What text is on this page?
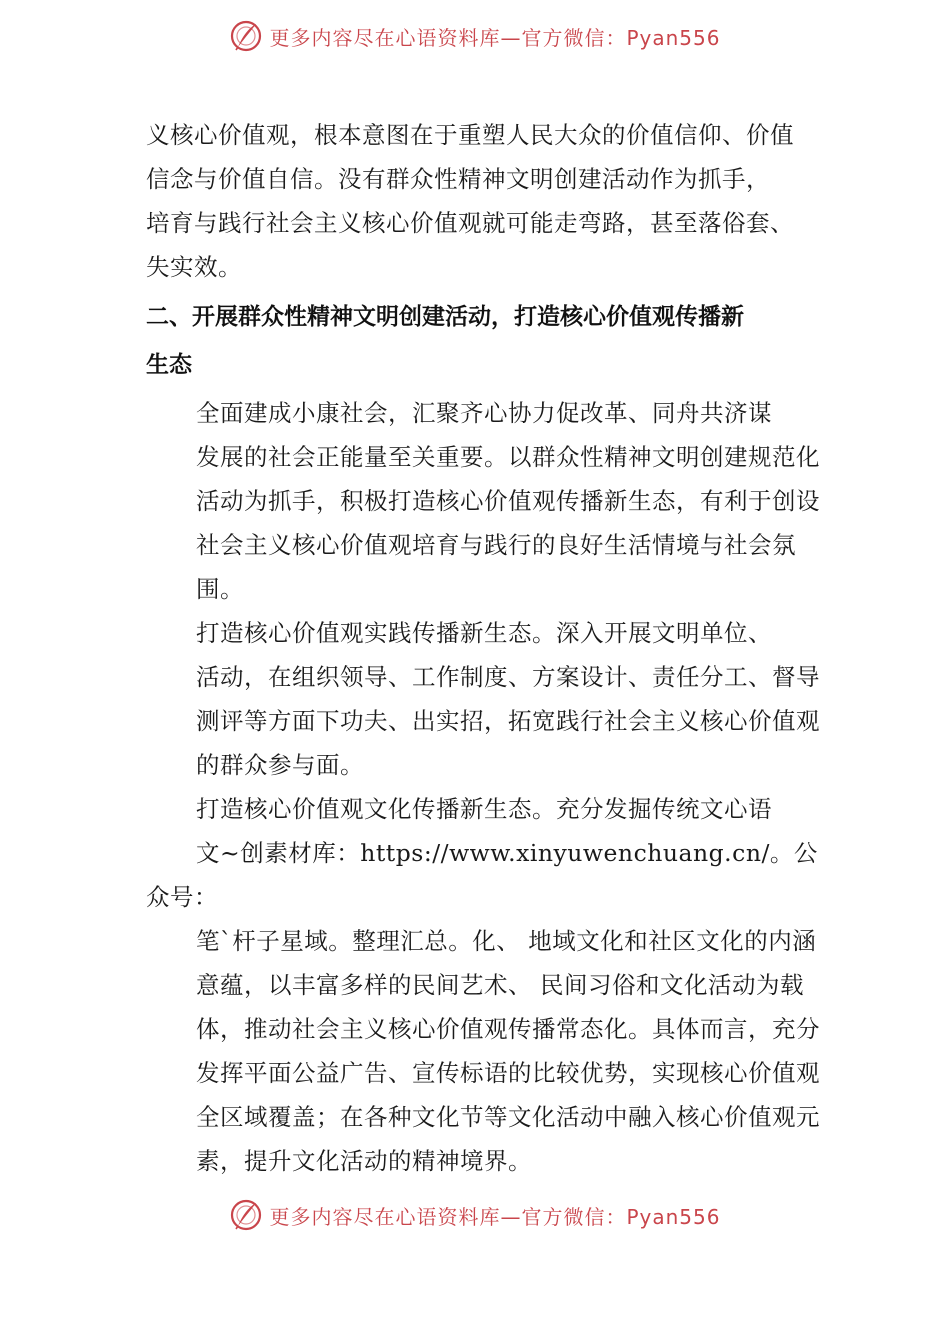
更多内容尽在心语资料库—官方微信：Pyan556
义核心价值观，根本意图在于重塑人民大众的价值信仰、价值
信念与价值自信。没有群众性精神文明创建活动作为抓手，
培育与践行社会主义核心价值观就可能走弯路，甚至落俗套、
失实效。
二、开展群众性精神文明创建活动，打造核心价值观传播新
生态
全面建成小康社会，汇聚齐心协力促改革、同舟共济谋
发展的社会正能量至关重要。以群众性精神文明创建规范化
活动为抓手，积极打造核心价值观传播新生态，有利于创设
社会主义核心价值观培育与践行的良好生活情境与社会氛
围。
打造核心价值观实践传播新生态。深入开展文明单位、
活动，在组织领导、工作制度、方案设计、责任分工、督导
测评等方面下功夫、出实招，拓宽践行社会主义核心价值观
的群众参与面。
打造核心价值观文化传播新生态。充分发掘传统文心语
文~创素材库：https://www.xinyuwenchuang.cn/。公众号：
笔`杆子星域。整理汇总。化、 地域文化和社区文化的内涵
意蕴，以丰富多样的民间艺术、 民间习俗和文化活动为载
体，推动社会主义核心价值观传播常态化。具体而言，充分
发挥平面公益广告、宣传标语的比较优势，实现核心价值观
全区域覆盖；在各种文化节等文化活动中融入核心价值观元
素，提升文化活动的精神境界。
更多内容尽在心语资料库—官方微信：Pyan556
